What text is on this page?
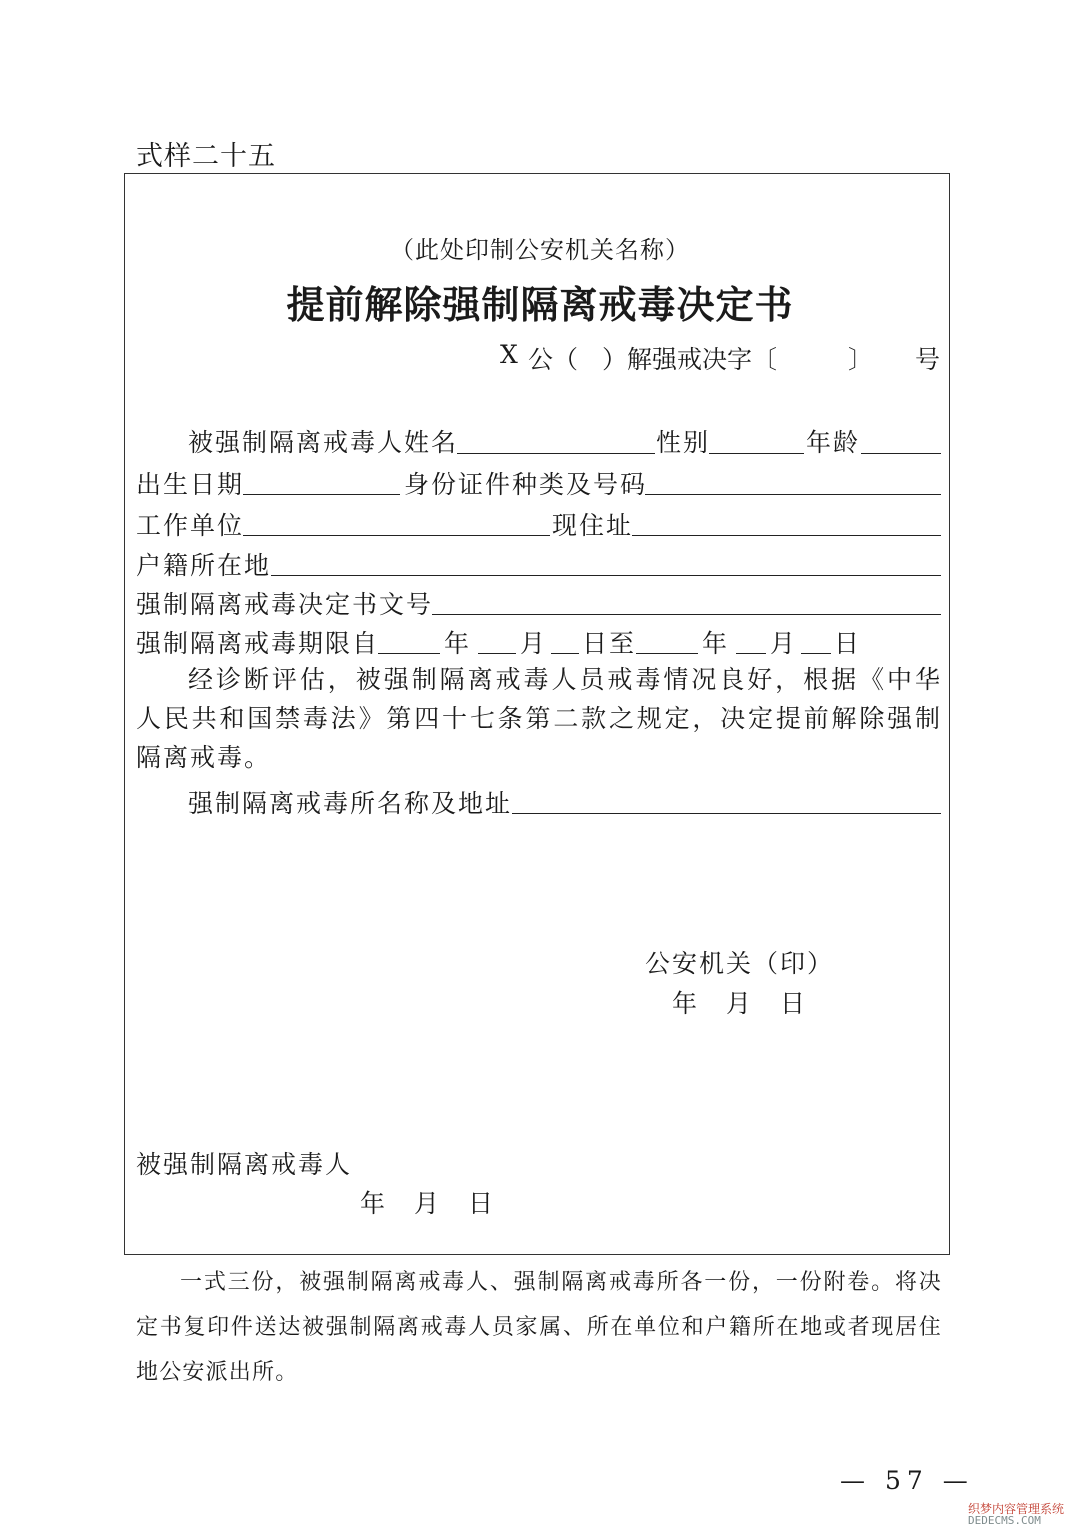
式样二十五
（此处印制公安机关名称）
提前解除强制隔离戒毒决定书
X 公（ ）解强戒决字〔	〕 号
被强制隔离戒毒人姓名	性别	年龄
出生日期	身份证件种类及号码
工作单位	现住址
户籍所在地
强制隔离戒毒决定书文号
强制隔离戒毒期限自	年 月 日至	年 月 日
经诊断评估，被强制隔离戒毒人员戒毒情况良好，根据《中华人民共和国禁毒法》第四十七条第二款之规定，决定提前解除强制隔离戒毒。
强制隔离戒毒所名称及地址
公安机关（印）
年　月　日
被强制隔离戒毒人
年　月　日
一式三份，被强制隔离戒毒人、强制隔离戒毒所各一份，一份附卷。将决定书复印件送达被强制隔离戒毒人员家属、所在单位和户籍所在地或者现居住地公安派出所。
— 57 —
织梦内容管理系统
DEDECMS.COM
